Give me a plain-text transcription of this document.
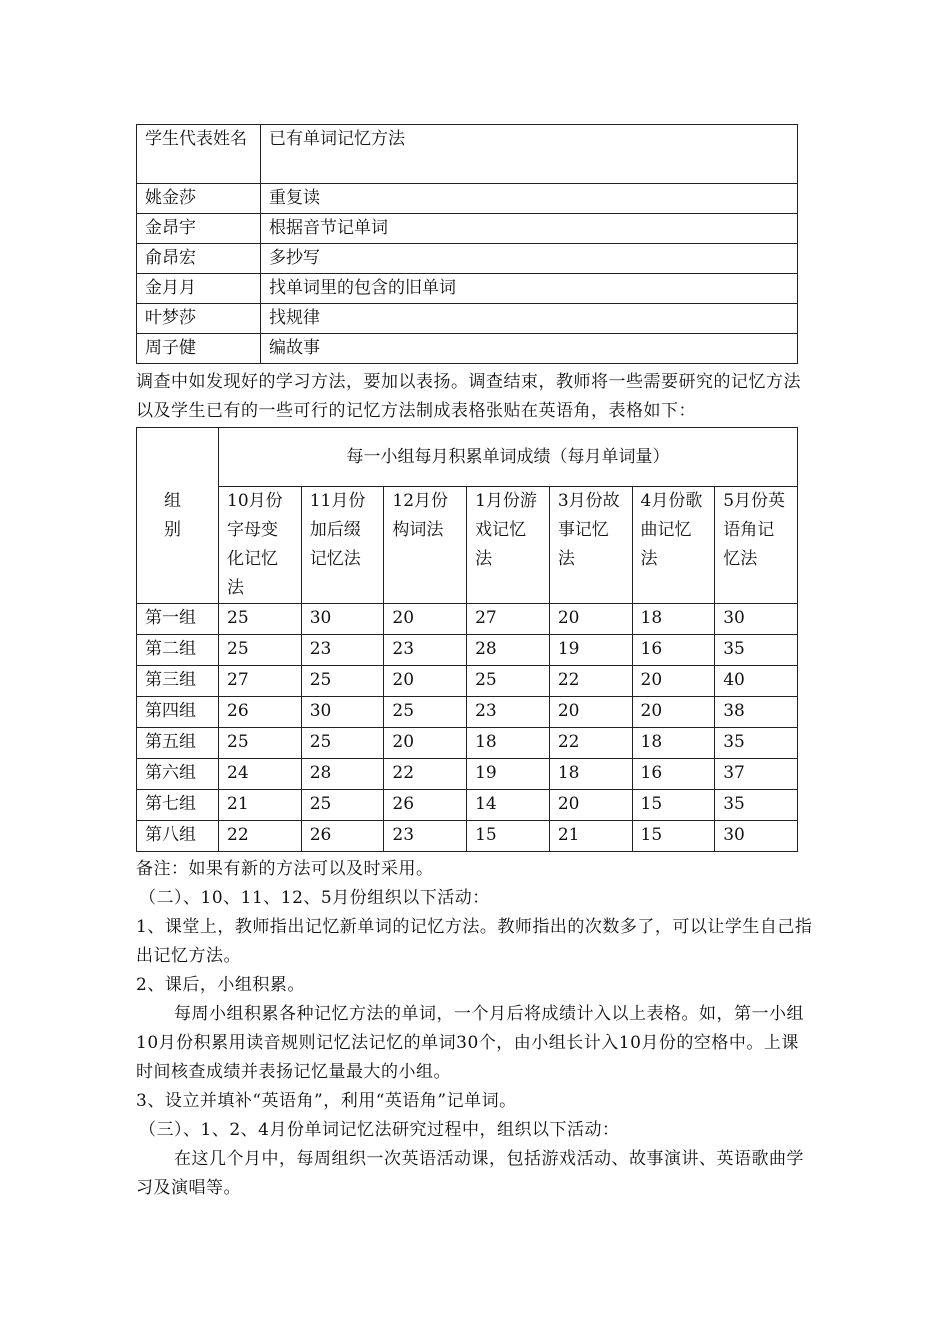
学生代表姓名	已有单词记忆方法
姚金莎	重复读
金昂宇	根据音节记单词
俞昂宏	多抄写
金月月	找单词里的包含的旧单词
叶梦莎	找规律
周子健	编故事
调查中如发现好的学习方法，要加以表扬。调查结束，教师将一些需要研究的记忆方法以及学生已有的一些可行的记忆方法制成表格张贴在英语角，表格如下：
组 别	每一小组每月积累单词成绩（每月单词量）						
	10月份字母变化记忆法	11月份加后缀记忆法	12月份构词法	1月份游戏记忆法	3月份故事记忆法	4月份歌曲记忆法	5月份英语角记忆法
第一组	25	30	20	27	20	18	30
第二组	25	23	23	28	19	16	35
第三组	27	25	20	25	22	20	40
第四组	26	30	25	23	20	20	38
第五组	25	25	20	18	22	18	35
第六组	24	28	22	19	18	16	37
第七组	21	25	26	14	20	15	35
第八组	22	26	23	15	21	15	30
备注：如果有新的方法可以及时采用。
（二）、10、11、12、5月份组织以下活动：
1、课堂上，教师指出记忆新单词的记忆方法。教师指出的次数多了，可以让学生自己指出记忆方法。
2、课后，小组积累。
每周小组积累各种记忆方法的单词，一个月后将成绩计入以上表格。如，第一小组10月份积累用读音规则记忆法记忆的单词30个，由小组长计入10月份的空格中。上课时间核查成绩并表扬记忆量最大的小组。
3、设立并填补“英语角”，利用“英语角”记单词。
（三）、1、2、4月份单词记忆法研究过程中，组织以下活动：
在这几个月中，每周组织一次英语活动课，包括游戏活动、故事演讲、英语歌曲学习及演唱等。
